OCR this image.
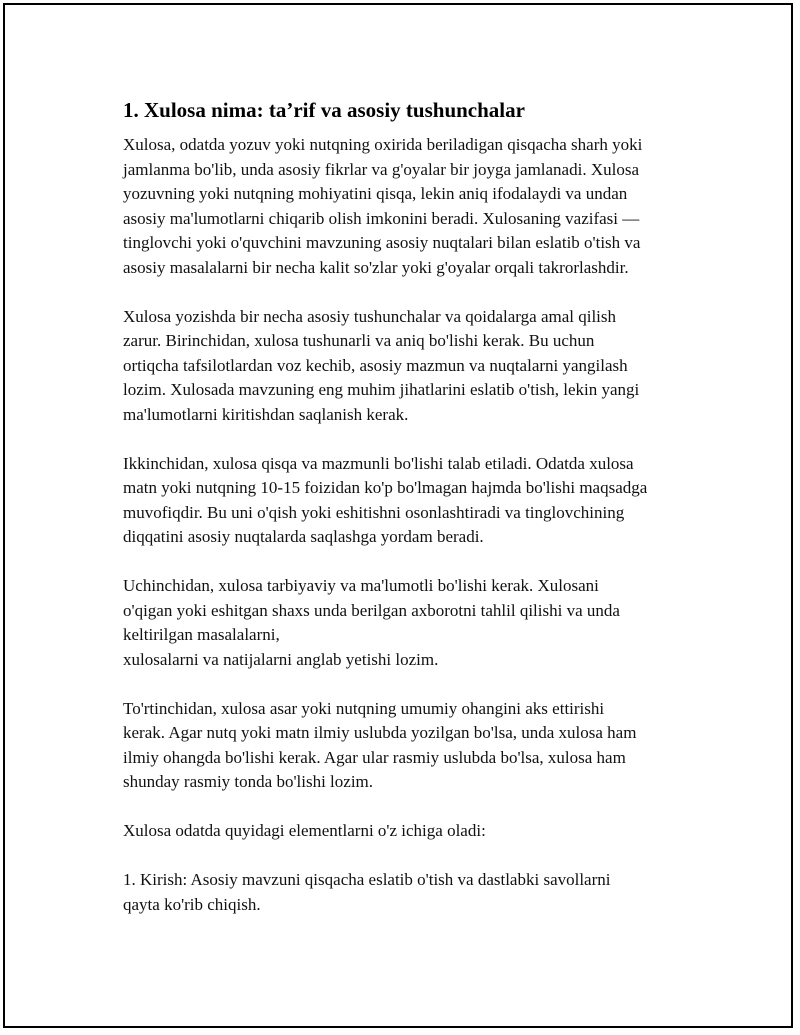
1. Xulosa nima: ta’rif va asosiy tushunchalar

Xulosa, odatda yozuv yoki nutqning oxirida beriladigan qisqacha sharh yoki
jamlanma bo'lib, unda asosiy fikrlar va g'oyalar bir joyga jamlanadi. Xulosa
yozuvning yoki nutqning mohiyatini qisqa, lekin aniq ifodalaydi va undan
asosiy ma'lumotlarni chiqarib olish imkonini beradi. Xulosaning vazifasi —
tinglovchi yoki o'quvchini mavzuning asosiy nuqtalari bilan eslatib o'tish va
asosiy masalalarni bir necha kalit so'zlar yoki g'oyalar orqali takrorlashdir.

Xulosa yozishda bir necha asosiy tushunchalar va qoidalarga amal qilish
zarur. Birinchidan, xulosa tushunarli va aniq bo'lishi kerak. Bu uchun
ortiqcha tafsilotlardan voz kechib, asosiy mazmun va nuqtalarni yangilash
lozim. Xulosada mavzuning eng muhim jihatlarini eslatib o'tish, lekin yangi
ma'lumotlarni kiritishdan saqlanish kerak.

Ikkinchidan, xulosa qisqa va mazmunli bo'lishi talab etiladi. Odatda xulosa
matn yoki nutqning 10-15 foizidan ko'p bo'lmagan hajmda bo'lishi maqsadga
muvofiqdir. Bu uni o'qish yoki eshitishni osonlashtiradi va tinglovchining
diqqatini asosiy nuqtalarda saqlashga yordam beradi.

Uchinchidan, xulosa tarbiyaviy va ma'lumotli bo'lishi kerak. Xulosani
o'qigan yoki eshitgan shaxs unda berilgan axborotni tahlil qilishi va unda
keltirilgan masalalarni,
xulosalarni va natijalarni anglab yetishi lozim.

To'rtinchidan, xulosa asar yoki nutqning umumiy ohangini aks ettirishi
kerak. Agar nutq yoki matn ilmiy uslubda yozilgan bo'lsa, unda xulosa ham
ilmiy ohangda bo'lishi kerak. Agar ular rasmiy uslubda bo'lsa, xulosa ham
shunday rasmiy tonda bo'lishi lozim.

Xulosa odatda quyidagi elementlarni o'z ichiga oladi:

1. Kirish: Asosiy mavzuni qisqacha eslatib o'tish va dastlabki savollarni
qayta ko'rib chiqish.
